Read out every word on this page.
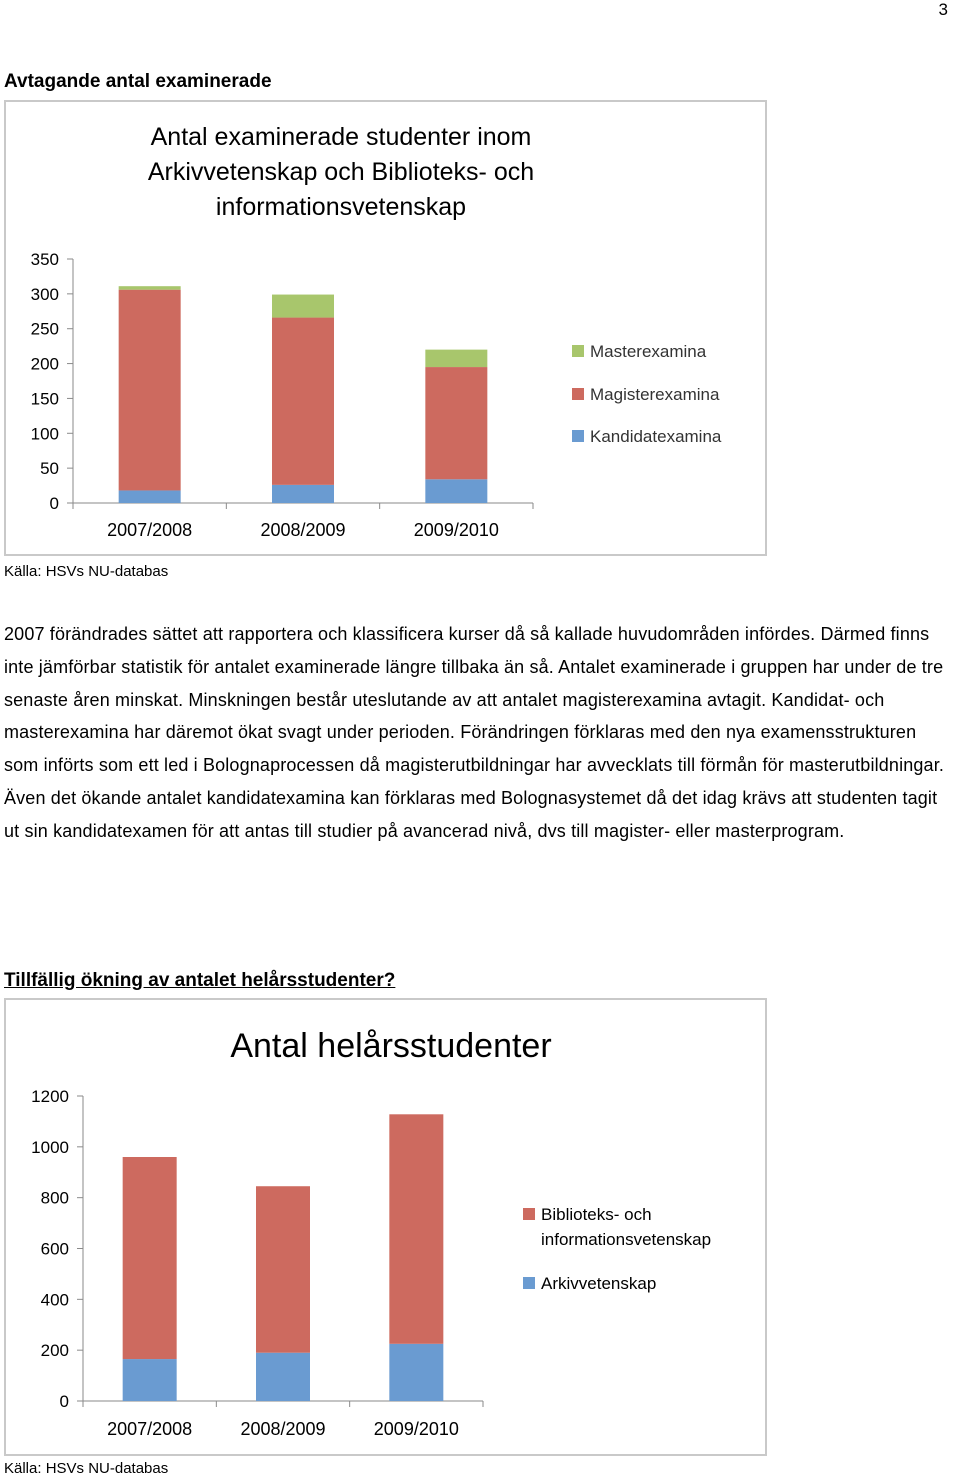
3
Avtagande antal examinerade
Antal examinerade studenter inom
Arkivvetenskap och Biblioteks- och
informationsvetenskap
0
50
100
150
200
250
300
350
2007/2008	2008/2009	2009/2010
Masterexamina
Magisterexamina
Kandidatexamina
Källa: HSVs NU-databas

2007 förändrades sättet att rapportera och klassificera kurser då så kallade huvudområden infördes. Därmed finns inte jämförbar statistik för antalet examinerade längre tillbaka än så. Antalet examinerade i gruppen har under de tre senaste åren minskat. Minskningen består uteslutande av att antalet magisterexamina avtagit. Kandidat- och masterexamina har däremot ökat svagt under perioden. Förändringen förklaras med den nya examensstrukturen som införts som ett led i Bolognaprocessen då magisterutbildningar har avvecklats till förmån för masterutbildningar. Även det ökande antalet kandidatexamina kan förklaras med Bolognasystemet då det idag krävs att studenten tagit ut sin kandidatexamen för att antas till studier på avancerad nivå, dvs till magister- eller masterprogram.

Tillfällig ökning av antalet helårsstudenter?
Antal helårsstudenter
0
200
400
600
800
1000
1200
2007/2008	2008/2009	2009/2010
Biblioteks- och
informationsvetenskap
Arkivvetenskap
Källa: HSVs NU-databas
